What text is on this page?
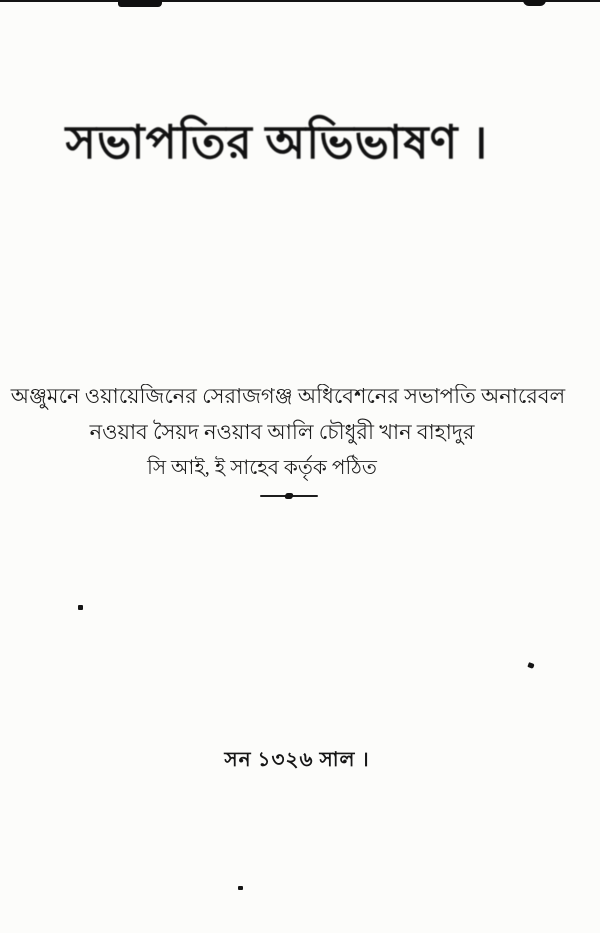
সভাপতির অভিভাষণ ।
অঞ্জুমনে ওয়ায়েজিনের সেরাজগঞ্জ অধিবেশনের সভাপতি অনারেবল
নওয়াব সৈয়দ নওয়াব আলি চৌধুরী খান বাহাদুর
সি আই, ই সাহেব কর্তৃক পঠিত
সন ১৩২৬ সাল ।
